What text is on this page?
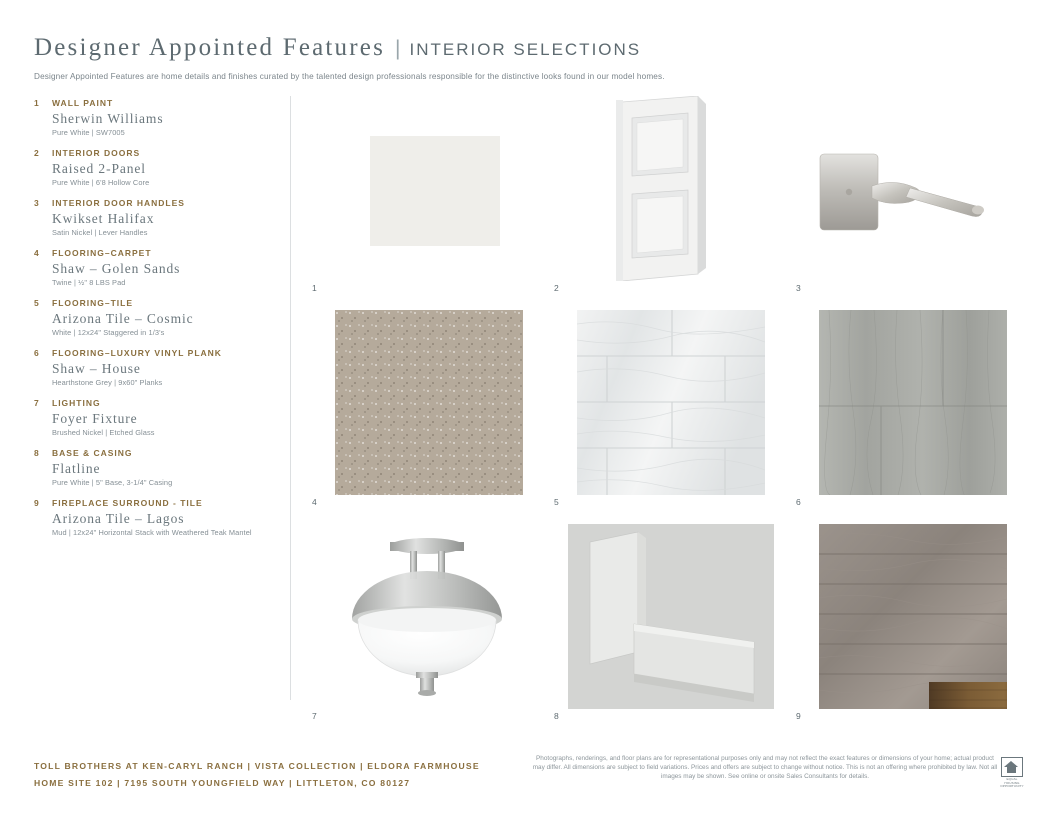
Designer Appointed Features | INTERIOR SELECTIONS
Designer Appointed Features are home details and finishes curated by the talented design professionals responsible for the distinctive looks found in our model homes.
1	WALL PAINT
Sherwin Williams
Pure White | SW7005
2	INTERIOR DOORS
Raised 2-Panel
Pure White | 6'8 Hollow Core
3	INTERIOR DOOR HANDLES
Kwikset Halifax
Satin Nickel | Lever Handles
4	FLOORING–CARPET
Shaw – Golen Sands
Twine | ½" 8 LBS Pad
5	FLOORING–TILE
Arizona Tile – Cosmic
White | 12x24" Staggered in 1/3's
6	FLOORING–LUXURY VINYL PLANK
Shaw – House
Hearthstone Grey | 9x60" Planks
7	LIGHTING
Foyer Fixture
Brushed Nickel | Etched Glass
8	BASE & CASING
Flatline
Pure White | 5" Base, 3-1/4" Casing
9	FIREPLACE SURROUND - TILE
Arizona Tile – Lagos
Mud | 12x24" Horizontal Stack with Weathered Teak Mantel
1	2	3
4	5	6
7	8	9
TOLL BROTHERS AT KEN-CARYL RANCH | VISTA COLLECTION | ELDORA FARMHOUSE
HOME SITE 102 | 7195 SOUTH YOUNGFIELD WAY | LITTLETON, CO 80127
Photographs, renderings, and floor plans are for representational purposes only and may not reflect the exact features or dimensions of your home; actual product may differ. All dimensions are subject to field variations. Prices and offers are subject to change without notice. This is not an offering where prohibited by law. Not all images may be shown. See online or onsite Sales Consultants for details.	EQUAL HOUSING OPPORTUNITY
